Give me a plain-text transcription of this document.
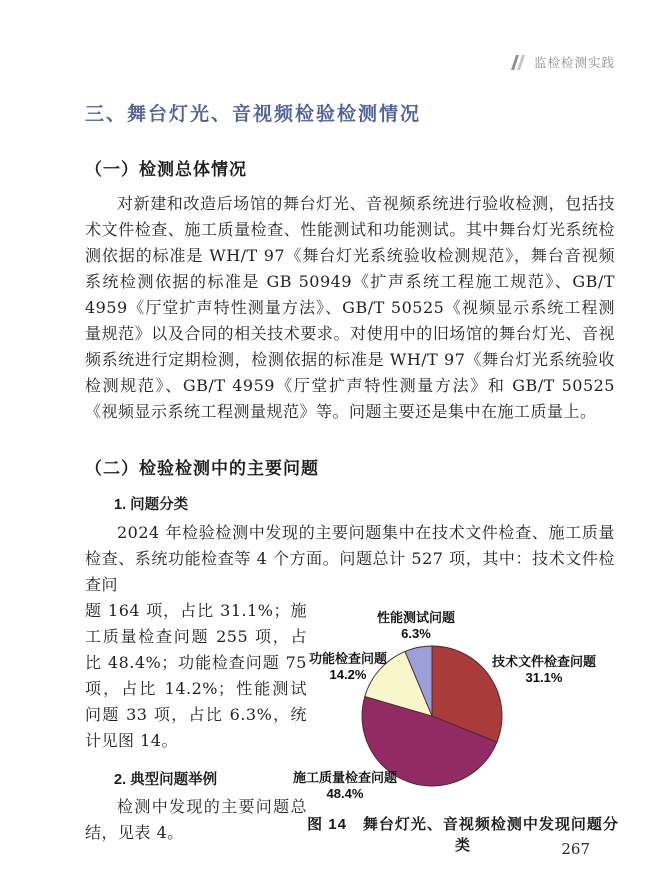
监检检测实践
三、舞台灯光、音视频检验检测情况
（一）检测总体情况

对新建和改造后场馆的舞台灯光、音视频系统进行验收检测，包括技术文件检查、施工质量检查、性能测试和功能测试。其中舞台灯光系统检测依据的标准是 WH/T 97《舞台灯光系统验收检测规范》，舞台音视频系统检测依据的标准是 GB 50949《扩声系统工程施工规范》、GB/T 4959《厅堂扩声特性测量方法》、GB/T 50525《视频显示系统工程测量规范》以及合同的相关技术要求。对使用中的旧场馆的舞台灯光、音视频系统进行定期检测，检测依据的标准是 WH/T 97《舞台灯光系统验收检测规范》、GB/T 4959《厅堂扩声特性测量方法》和 GB/T 50525《视频显示系统工程测量规范》等。问题主要还是集中在施工质量上。

（二）检验检测中的主要问题
1. 问题分类

2024 年检验检测中发现的主要问题集中在技术文件检查、施工质量检查、系统功能检查等 4 个方面。问题总计 527 项，其中：技术文件检查问

题 164 项，占比 31.1%；施工质量检查问题 255 项，占比 48.4%；功能检查问题 75 项，占比 14.2%；性能测试问题 33 项，占比 6.3%，统计见图 14。
2. 典型问题举例
检测中发现的主要问题总结，见表 4。
性能测试问题
6.3%
技术文件检查问题
31.1%
功能检查问题
14.2%
施工质量检查问题
48.4%
图 14　舞台灯光、音视频检测中发现问题分类	267
